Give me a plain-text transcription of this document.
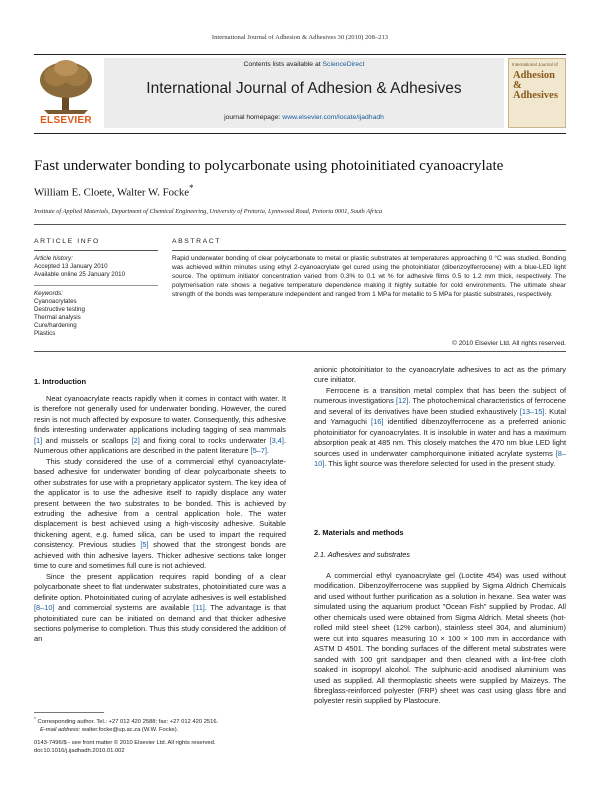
International Journal of Adhesion & Adhesives 30 (2010) 208–213
ELSEVIER
Contents lists available at ScienceDirect
International Journal of Adhesion & Adhesives
journal homepage: www.elsevier.com/locate/ijadhadh
International Journal of
Adhesion &
Adhesives
Fast underwater bonding to polycarbonate using photoinitiated cyanoacrylate
William E. Cloete, Walter W. Focke*
Institute of Applied Materials, Department of Chemical Engineering, University of Pretoria, Lynnwood Road, Pretoria 0001, South Africa
ARTICLE INFO	ABSTRACT
Article history:
Accepted 13 January 2010
Available online 25 January 2010
Keywords:
Cyanoacrylates
Destructive testing
Thermal analysis
Cure/hardening
Plastics
Rapid underwater bonding of clear polycarbonate to metal or plastic substrates at temperatures approaching 0 °C was studied. Bonding was achieved within minutes using ethyl 2-cyanoacrylate gel cured using the photoinitiator (dibenzoylferrocene) with a blue-LED light source. The optimum initiator concentration varied from 0.3% to 0.1 wt % for adhesive films 0.5 to 1.2 mm thick, respectively. The polymerisation rate shows a negative temperature dependence making it highly suitable for cold environments. The ultimate shear strength of the bonds was temperature independent and ranged from 1 MPa for metallic to 5 MPa for plastic substrates, respectively.
© 2010 Elsevier Ltd. All rights reserved.
1. Introduction

Neat cyanoacrylate reacts rapidly when it comes in contact with water. It is therefore not generally used for underwater bonding. However, the cured resin is not much affected by exposure to water. Consequently, this adhesive finds interesting underwater applications including tagging of sea mammals [1] and mussels or scallops [2] and fixing coral to rocks underwater [3,4]. Numerous other applications are described in the patent literature [5–7].

This study considered the use of a commercial ethyl cyanoacrylate-based adhesive for underwater bonding of clear polycarbonate sheets to other substrates for use with a proprietary applicator system. The key idea of the applicator is to use the adhesive itself to rapidly displace any water present between the two substrates to be bonded. This is achieved by extruding the adhesive from a central application hole. The water displacement is best achieved using a high-viscosity adhesive. Suitable thickening agent, e.g. fumed silica, can be used to impart the required consistency. Previous studies [5] showed that the strongest bonds are achieved with thin adhesive layers. Thicker adhesive sections take longer time to cure and sometimes full cure is not achieved.

Since the present application requires rapid bonding of a clear polycarbonate sheet to flat underwater substrates, photoinitiated cure was a definite option. Photoinitiated curing of acrylate adhesives is well established [8–10] and commercial systems are available [11]. The advantage is that photoinitiated cure can be initiated on demand and that thicker adhesive sections polymerise to completion. Thus this study considered the addition of an

* Corresponding author. Tel.: +27 012 420 2588; fax: +27 012 420 2516.
E-mail address: walter.focke@up.ac.za (W.W. Focke).
0143-7496/$ - see front matter © 2010 Elsevier Ltd. All rights reserved.
doi:10.1016/j.ijadhadh.2010.01.002

anionic photoinitiator to the cyanoacrylate adhesives to act as the primary cure initiator.

Ferrocene is a transition metal complex that has been the subject of numerous investigations [12]. The photochemical characteristics of ferrocene and several of its derivatives have been studied exhaustively [13–15]. Kutal and Yamaguchi [16] identified dibenzoylferrocene as a preferred anionic photoinitiator for cyanoacrylates. It is insoluble in water and has a maximum absorption peak at 485 nm. This closely matches the 470 nm blue LED light sources used in underwater camphorquinone initiated acrylate systems [8–10]. This light source was therefore selected for used in the present study.

2. Materials and methods
2.1. Adhesives and substrates

A commercial ethyl cyanoacrylate gel (Loctite 454) was used without modification. Dibenzoylferrocene was supplied by Sigma Aldrich Chemicals and used without further purification as a solution in hexane. Sea water was simulated using the aquarium product "Ocean Fish" supplied by Prodac. All other chemicals used were obtained from Sigma Aldrich. Metal sheets (hot-rolled mild steel sheet (12% carbon), stainless steel 304, and aluminium) were cut into squares measuring 10 × 100 × 100 mm in accordance with ASTM D 4501. The bonding surfaces of the different metal substrates were sanded with 100 grit sandpaper and then cleaned with a lint-free cloth soaked in isopropyl alcohol. The sulphuric-acid anodised aluminium was used as supplied. All thermoplastic sheets were supplied by Maizeys. The fibreglass-reinforced polyester (FRP) sheet was cast using glass fibre and polyester resin supplied by Plastocure.
